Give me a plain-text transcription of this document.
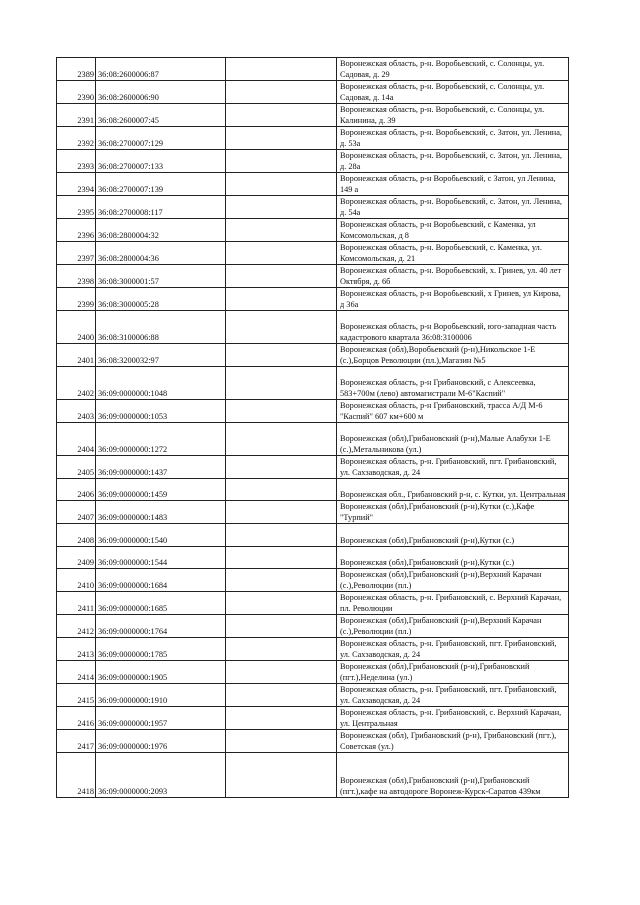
2389	36:08:2600006:87		Воронежская область, р-н. Воробьевский, с. Солонцы, ул. Садовая, д. 29
2390	36:08:2600006:90		Воронежская область, р-н. Воробьевский, с. Солонцы, ул. Садовая, д. 14а
2391	36:08:2600007:45		Воронежская область, р-н. Воробьевский, с. Солонцы, ул. Калинина, д. 39
2392	36:08:2700007:129		Воронежская область, р-н. Воробьевский, с. Затон, ул. Ленина, д. 53а
2393	36:08:2700007:133		Воронежская область, р-н. Воробьевский, с. Затон, ул. Ленина, д. 28а
2394	36:08:2700007:139		Воронежская область, р-н Воробьевский, с Затон, ул Ленина, 149 а
2395	36:08:2700008:117		Воронежская область, р-н. Воробьевский, с. Затон, ул. Ленина, д. 54а
2396	36:08:2800004:32		Воронежская область, р-н Воробьевский, с Каменка, ул Комсомольская, д 8
2397	36:08:2800004:36		Воронежская область, р-н. Воробьевский, с. Каменка, ул. Комсомольская, д. 21
2398	36:08:3000001:57		Воронежская область, р-н. Воробьевский, х. Гринев, ул. 40 лет Октября, д. 6б
2399	36:08:3000005:28		Воронежская область, р-н Воробьевский, х Гринев, ул Кирова, д 36а
2400	36:08:3100006:88		Воронежская область, р-н Воробьевский, юго-западная часть кадастрового квартала 36:08:3100006
2401	36:08:3200032:97		Воронежская (обл),Воробьевский (р-н),Никольское 1-Е (с.),Борцов Революции (пл.),Магазин №5
2402	36:09:0000000:1048		Воронежская область, р-н Грибановский, с Алексеевка, 583+700м (лево) автомагистрали М-6"Каспий"
2403	36:09:0000000:1053		Воронежская область, р-н Грибановский, трасса А/Д М-6 "Каспий" 607 км+600 м
2404	36:09:0000000:1272		Воронежская (обл),Грибановский (р-н),Малые Алабухи 1-Е (с.),Метальникова (ул.)
2405	36:09:0000000:1437		Воронежская область, р-н. Грибановский, пгт. Грибановский, ул. Сахзаводская, д. 24
2406	36:09:0000000:1459		Воронежская обл., Грибановский р-н, с. Кутки, ул. Центральная
2407	36:09:0000000:1483		Воронежская (обл),Грибановский (р-н),Кутки (с.),Кафе "Турпий"
2408	36:09:0000000:1540		Воронежская (обл),Грибановский (р-н),Кутки (с.)
2409	36:09:0000000:1544		Воронежская (обл),Грибановский (р-н),Кутки (с.)
2410	36:09:0000000:1684		Воронежская (обл),Грибановский (р-н),Верхний Карачан (с.),Революции (пл.)
2411	36:09:0000000:1685		Воронежская область, р-н. Грибановский, с. Верхний Карачан, пл. Революции
2412	36:09:0000000:1764		Воронежская (обл),Грибановский (р-н),Верхний Карачан (с.),Революции (пл.)
2413	36:09:0000000:1785		Воронежская область, р-н. Грибановский, пгт. Грибановский, ул. Сахзаводская, д. 24
2414	36:09:0000000:1905		Воронежская (обл),Грибановский (р-н),Грибановский (пгт.),Неделина (ул.)
2415	36:09:0000000:1910		Воронежская область, р-н. Грибановский, пгт. Грибановский, ул. Сахзаводская, д. 24
2416	36:09:0000000:1957		Воронежская область, р-н. Грибановский, с. Верхний Карачан, ул. Центральная
2417	36:09:0000000:1976		Воронежская (обл), Грибановский (р-н), Грибановский (пгт.), Советская (ул.)
2418	36:09:0000000:2093		Воронежская (обл),Грибановский (р-н),Грибановский (пгт.),кафе на автодороге Воронеж-Курск-Саратов 439км
